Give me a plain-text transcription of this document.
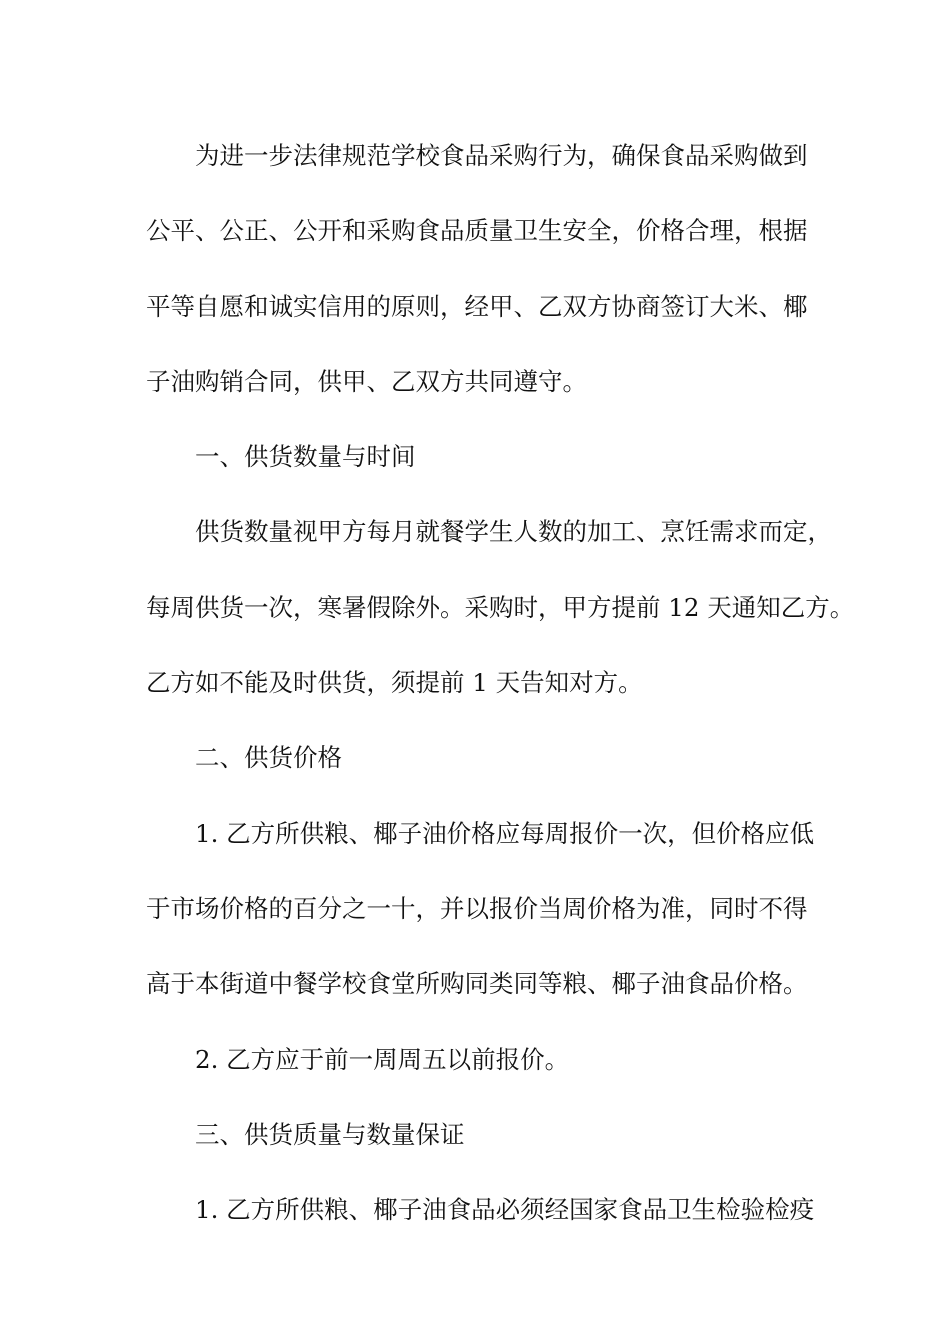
为进一步法律规范学校食品采购行为，确保食品采购做到
公平、公正、公开和采购食品质量卫生安全，价格合理，根据
平等自愿和诚实信用的原则，经甲、乙双方协商签订大米、椰
子油购销合同，供甲、乙双方共同遵守。
一、供货数量与时间
供货数量视甲方每月就餐学生人数的加工、烹饪需求而定，
每周供货一次，寒暑假除外。采购时，甲方提前 12 天通知乙方。
乙方如不能及时供货，须提前 1 天告知对方。
二、供货价格
1. 乙方所供粮、椰子油价格应每周报价一次，但价格应低
于市场价格的百分之一十，并以报价当周价格为准，同时不得
高于本街道中餐学校食堂所购同类同等粮、椰子油食品价格。
2. 乙方应于前一周周五以前报价。
三、供货质量与数量保证
1. 乙方所供粮、椰子油食品必须经国家食品卫生检验检疫
